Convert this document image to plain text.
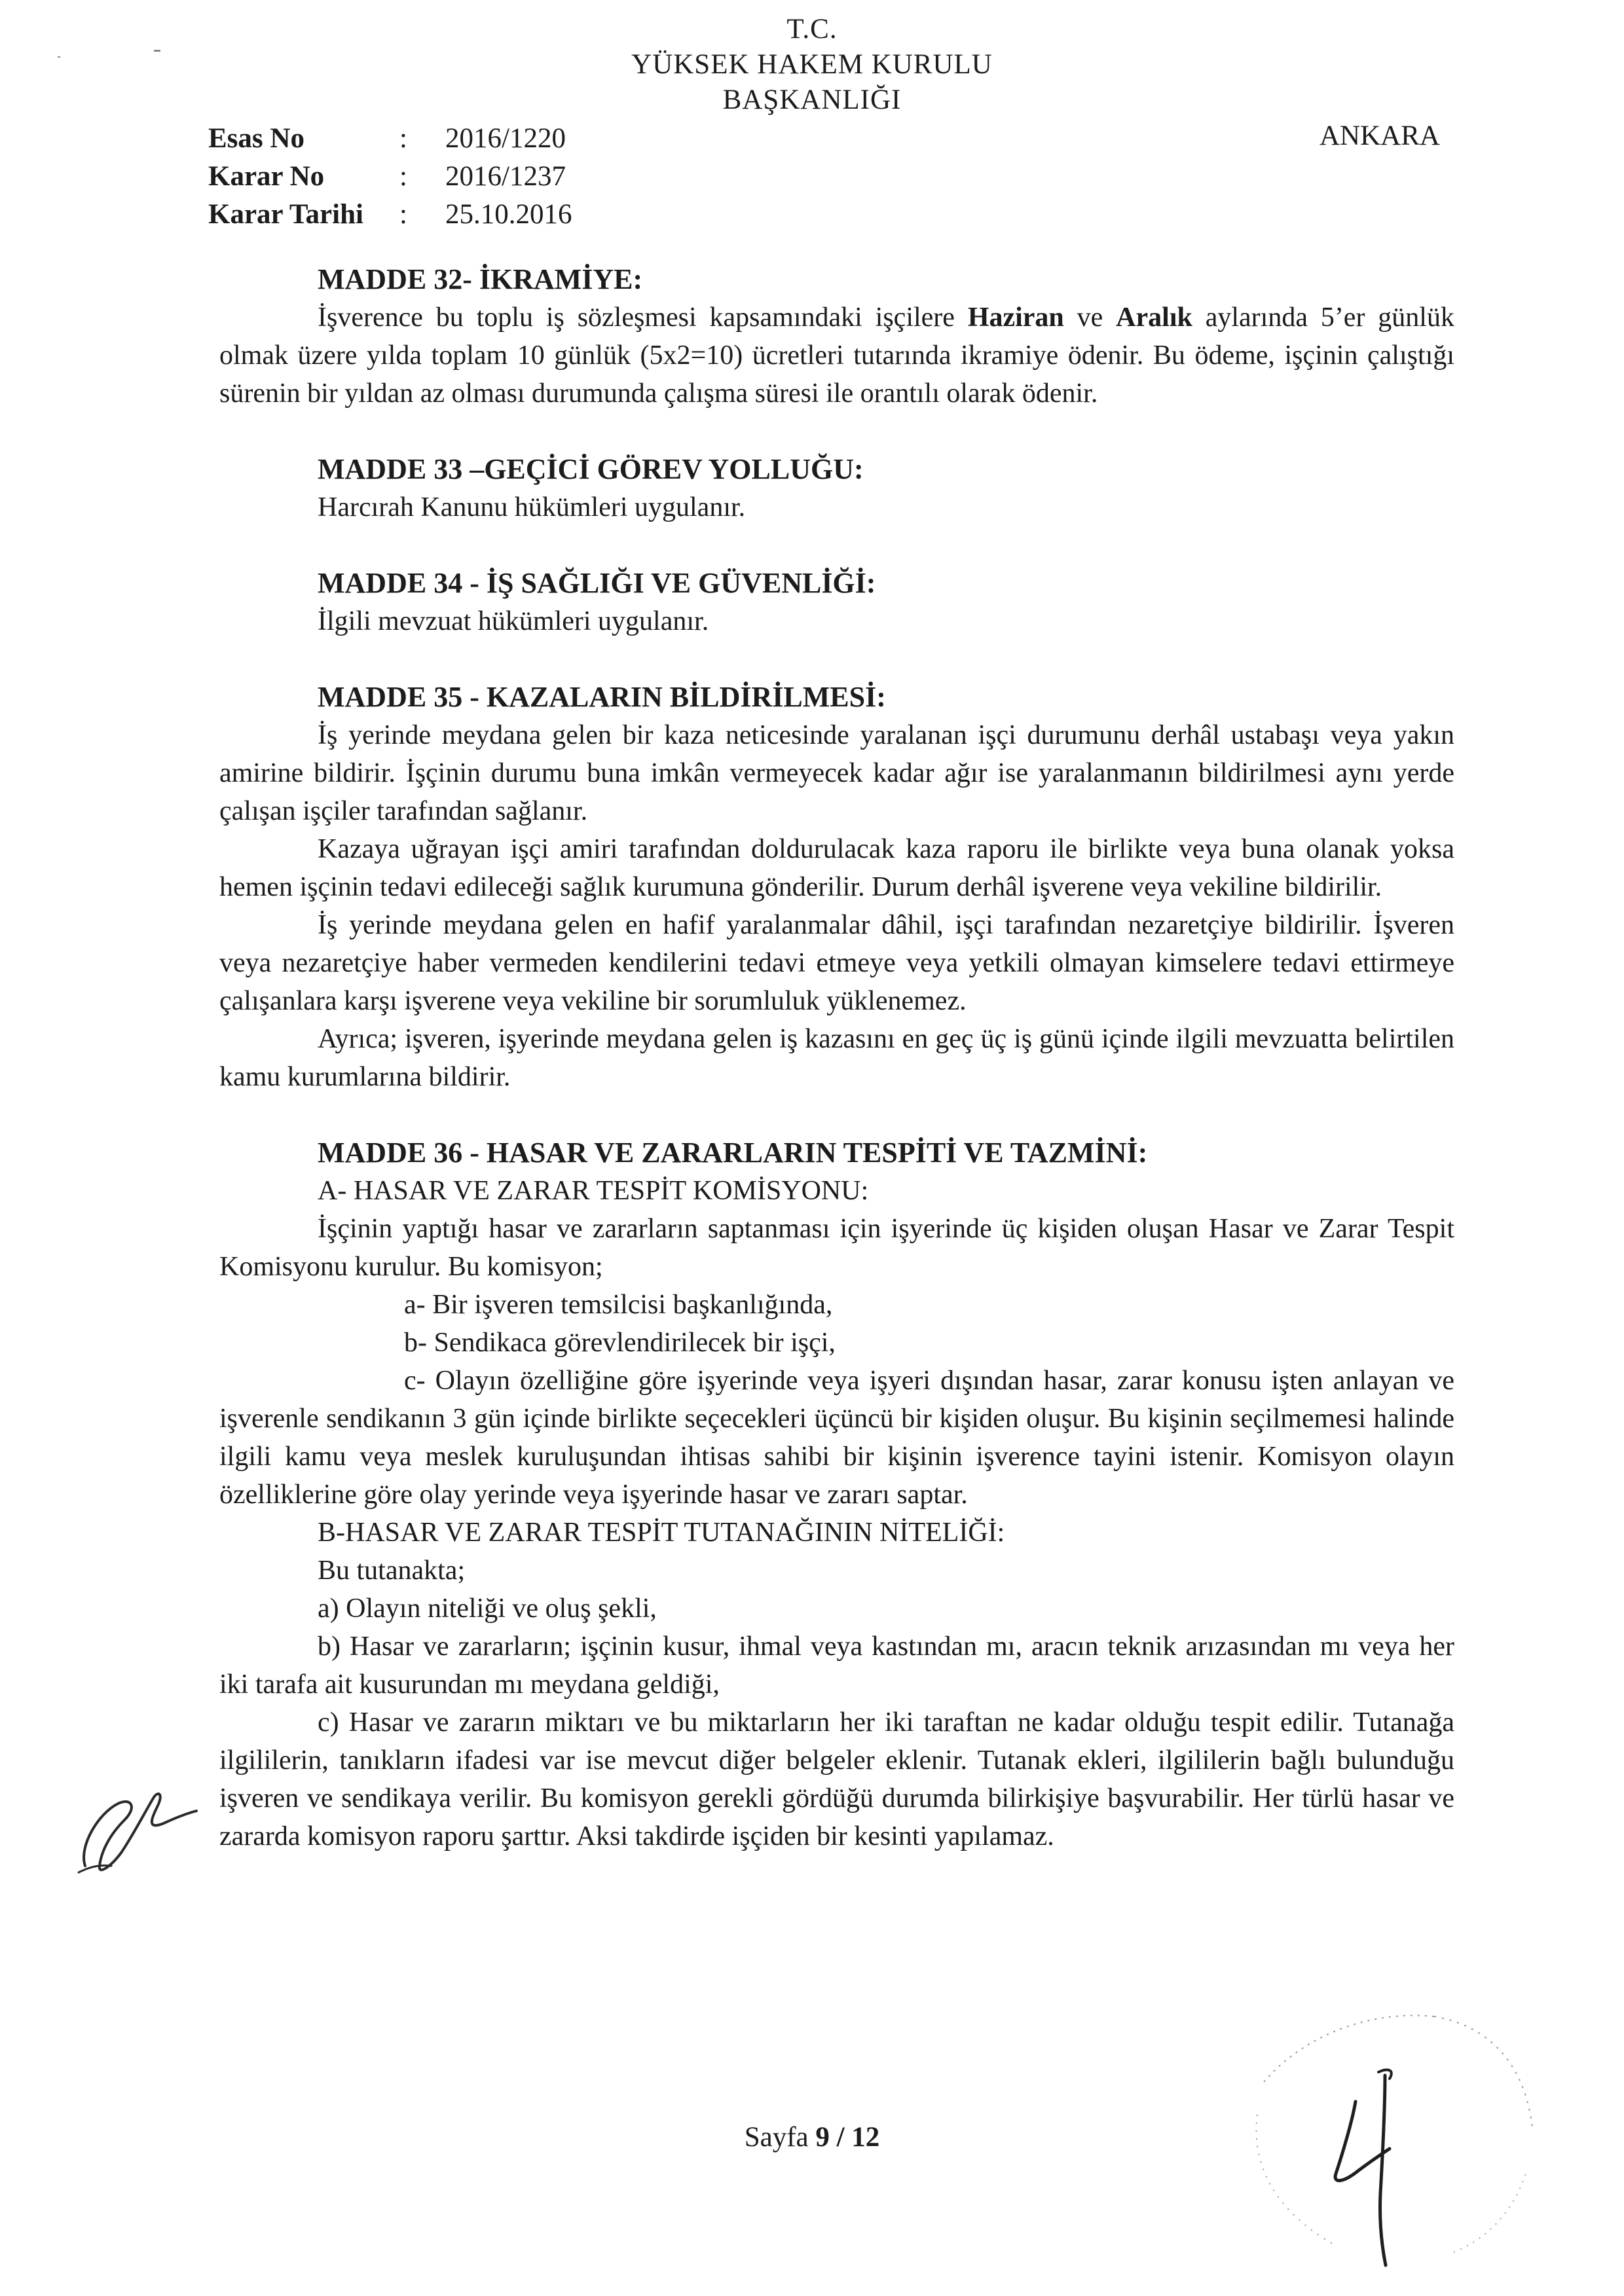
T.C.
YÜKSEK HAKEM KURULU
BAŞKANLIĞI
Esas No	:	2016/1220
Karar No	:	2016/1237
Karar Tarihi	:	25.10.2016
ANKARA
MADDE 32- İKRAMİYE:

İşverence bu toplu iş sözleşmesi kapsamındaki işçilere Haziran ve Aralık aylarında 5’er günlük olmak üzere yılda toplam 10 günlük (5x2=10) ücretleri tutarında ikramiye ödenir. Bu ödeme, işçinin çalıştığı sürenin bir yıldan az olması durumunda çalışma süresi ile orantılı olarak ödenir.

MADDE 33 –GEÇİCİ GÖREV YOLLUĞU:

Harcırah Kanunu hükümleri uygulanır.

MADDE 34 - İŞ SAĞLIĞI VE GÜVENLİĞİ:

İlgili mevzuat hükümleri uygulanır.

MADDE 35 - KAZALARIN BİLDİRİLMESİ:

İş yerinde meydana gelen bir kaza neticesinde yaralanan işçi durumunu derhâl ustabaşı veya yakın amirine bildirir. İşçinin durumu buna imkân vermeyecek kadar ağır ise yaralanmanın bildirilmesi aynı yerde çalışan işçiler tarafından sağlanır.

Kazaya uğrayan işçi amiri tarafından doldurulacak kaza raporu ile birlikte veya buna olanak yoksa hemen işçinin tedavi edileceği sağlık kurumuna gönderilir. Durum derhâl işverene veya vekiline bildirilir.

İş yerinde meydana gelen en hafif yaralanmalar dâhil, işçi tarafından nezaretçiye bildirilir. İşveren veya nezaretçiye haber vermeden kendilerini tedavi etmeye veya yetkili olmayan kimselere tedavi ettirmeye çalışanlara karşı işverene veya vekiline bir sorumluluk yüklenemez.

Ayrıca; işveren, işyerinde meydana gelen iş kazasını en geç üç iş günü içinde ilgili mevzuatta belirtilen kamu kurumlarına bildirir.

MADDE 36 - HASAR VE ZARARLARIN TESPİTİ VE TAZMİNİ:

A- HASAR VE ZARAR TESPİT KOMİSYONU:

İşçinin yaptığı hasar ve zararların saptanması için işyerinde üç kişiden oluşan Hasar ve Zarar Tespit Komisyonu kurulur. Bu komisyon;

a- Bir işveren temsilcisi başkanlığında,

b- Sendikaca görevlendirilecek bir işçi,

c- Olayın özelliğine göre işyerinde veya işyeri dışından hasar, zarar konusu işten anlayan ve işverenle sendikanın 3 gün içinde birlikte seçecekleri üçüncü bir kişiden oluşur. Bu kişinin seçilmemesi halinde ilgili kamu veya meslek kuruluşundan ihtisas sahibi bir kişinin işverence tayini istenir. Komisyon olayın özelliklerine göre olay yerinde veya işyerinde hasar ve zararı saptar.

B-HASAR VE ZARAR TESPİT TUTANAĞININ NİTELİĞİ:

Bu tutanakta;

a) Olayın niteliği ve oluş şekli,

b) Hasar ve zararların; işçinin kusur, ihmal veya kastından mı, aracın teknik arızasından mı veya her iki tarafa ait kusurundan mı meydana geldiği,

c) Hasar ve zararın miktarı ve bu miktarların her iki taraftan ne kadar olduğu tespit edilir. Tutanağa ilgililerin, tanıkların ifadesi var ise mevcut diğer belgeler eklenir. Tutanak ekleri, ilgililerin bağlı bulunduğu işveren ve sendikaya verilir. Bu komisyon gerekli gördüğü durumda bilirkişiye başvurabilir. Her türlü hasar ve zararda komisyon raporu şarttır. Aksi takdirde işçiden bir kesinti yapılamaz.

Sayfa 9 / 12
